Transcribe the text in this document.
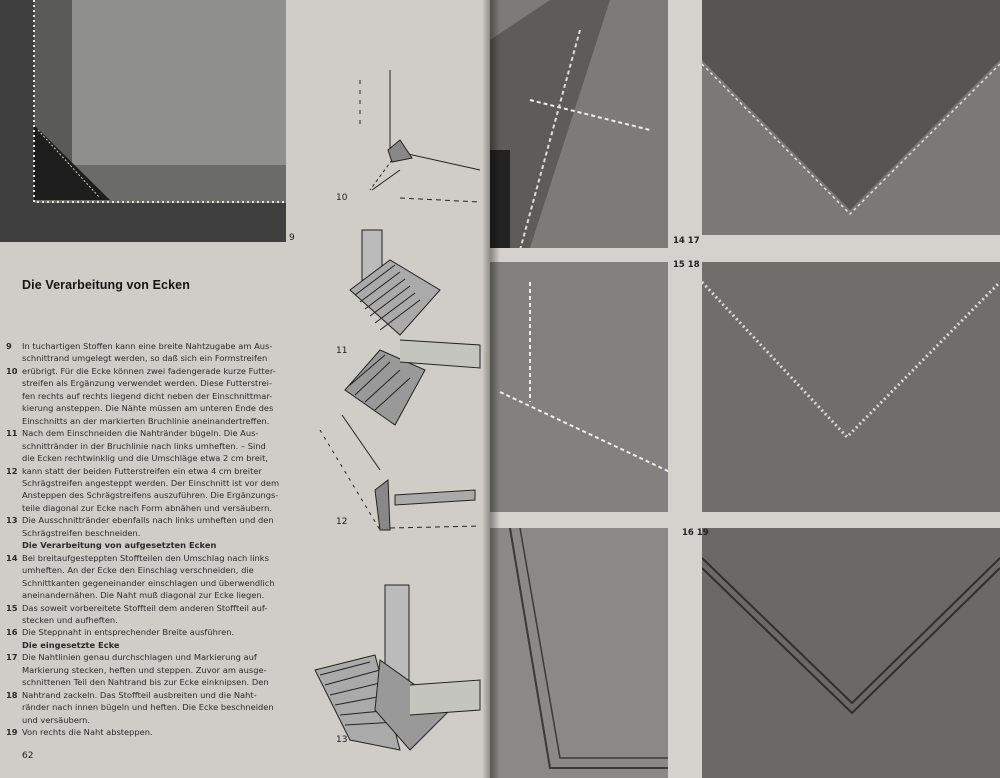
9
Die Verarbeitung von Ecken
9	In tuchartigen Stoffen kann eine breite Nahtzugabe am Aus-
schnittrand umgelegt werden, so daß sich ein Formstreifen
10 erübrigt. Für die Ecke können zwei fadengerade kurze Futter-
streifen als Ergänzung verwendet werden. Diese Futterstrei-
fen rechts auf rechts liegend dicht neben der Einschnittmar-
kierung ansteppen. Die Nähte müssen am unteren Ende des
Einschnitts an der markierten Bruchlinie aneinandertreffen.
11 Nach dem Einschneiden die Nahtränder bügeln. Die Aus-
schnittränder in der Bruchlinie nach links umheften. – Sind
die Ecken rechtwinklig und die Umschläge etwa 2 cm breit,
12 kann statt der beiden Futterstreifen ein etwa 4 cm breiter
Schrägstreifen angesteppt werden. Der Einschnitt ist vor dem
Ansteppen des Schrägstreifens auszuführen. Die Ergänzungs-
teile diagonal zur Ecke nach Form abnähen und versäubern.
13 Die Ausschnittränder ebenfalls nach links umheften und den
Schrägstreifen beschneiden.
Die Verarbeitung von aufgesetzten Ecken
14 Bei breitaufgesteppten Stoffteilen den Umschlag nach links
umheften. An der Ecke den Einschlag verschneiden, die
Schnittkanten gegeneinander einschlagen und überwendlich
aneinandernähen. Die Naht muß diagonal zur Ecke liegen.
15 Das soweit vorbereitete Stoffteil dem anderen Stoffteil auf-
stecken und aufheften.
16 Die Steppnaht in entsprechender Breite ausführen.
Die eingesetzte Ecke
17 Die Nahtlinien genau durchschlagen und Markierung auf
Markierung stecken, heften und steppen. Zuvor am ausge-
schnittenen Teil den Nahtrand bis zur Ecke einknipsen. Den
18 Nahtrand zackeln. Das Stoffteil ausbreiten und die Naht-
ränder nach innen bügeln und heften. Die Ecke beschneiden
und versäubern.
19 Von rechts die Naht absteppen.
62
10
11
12
13
14 17
15 18
16 19
